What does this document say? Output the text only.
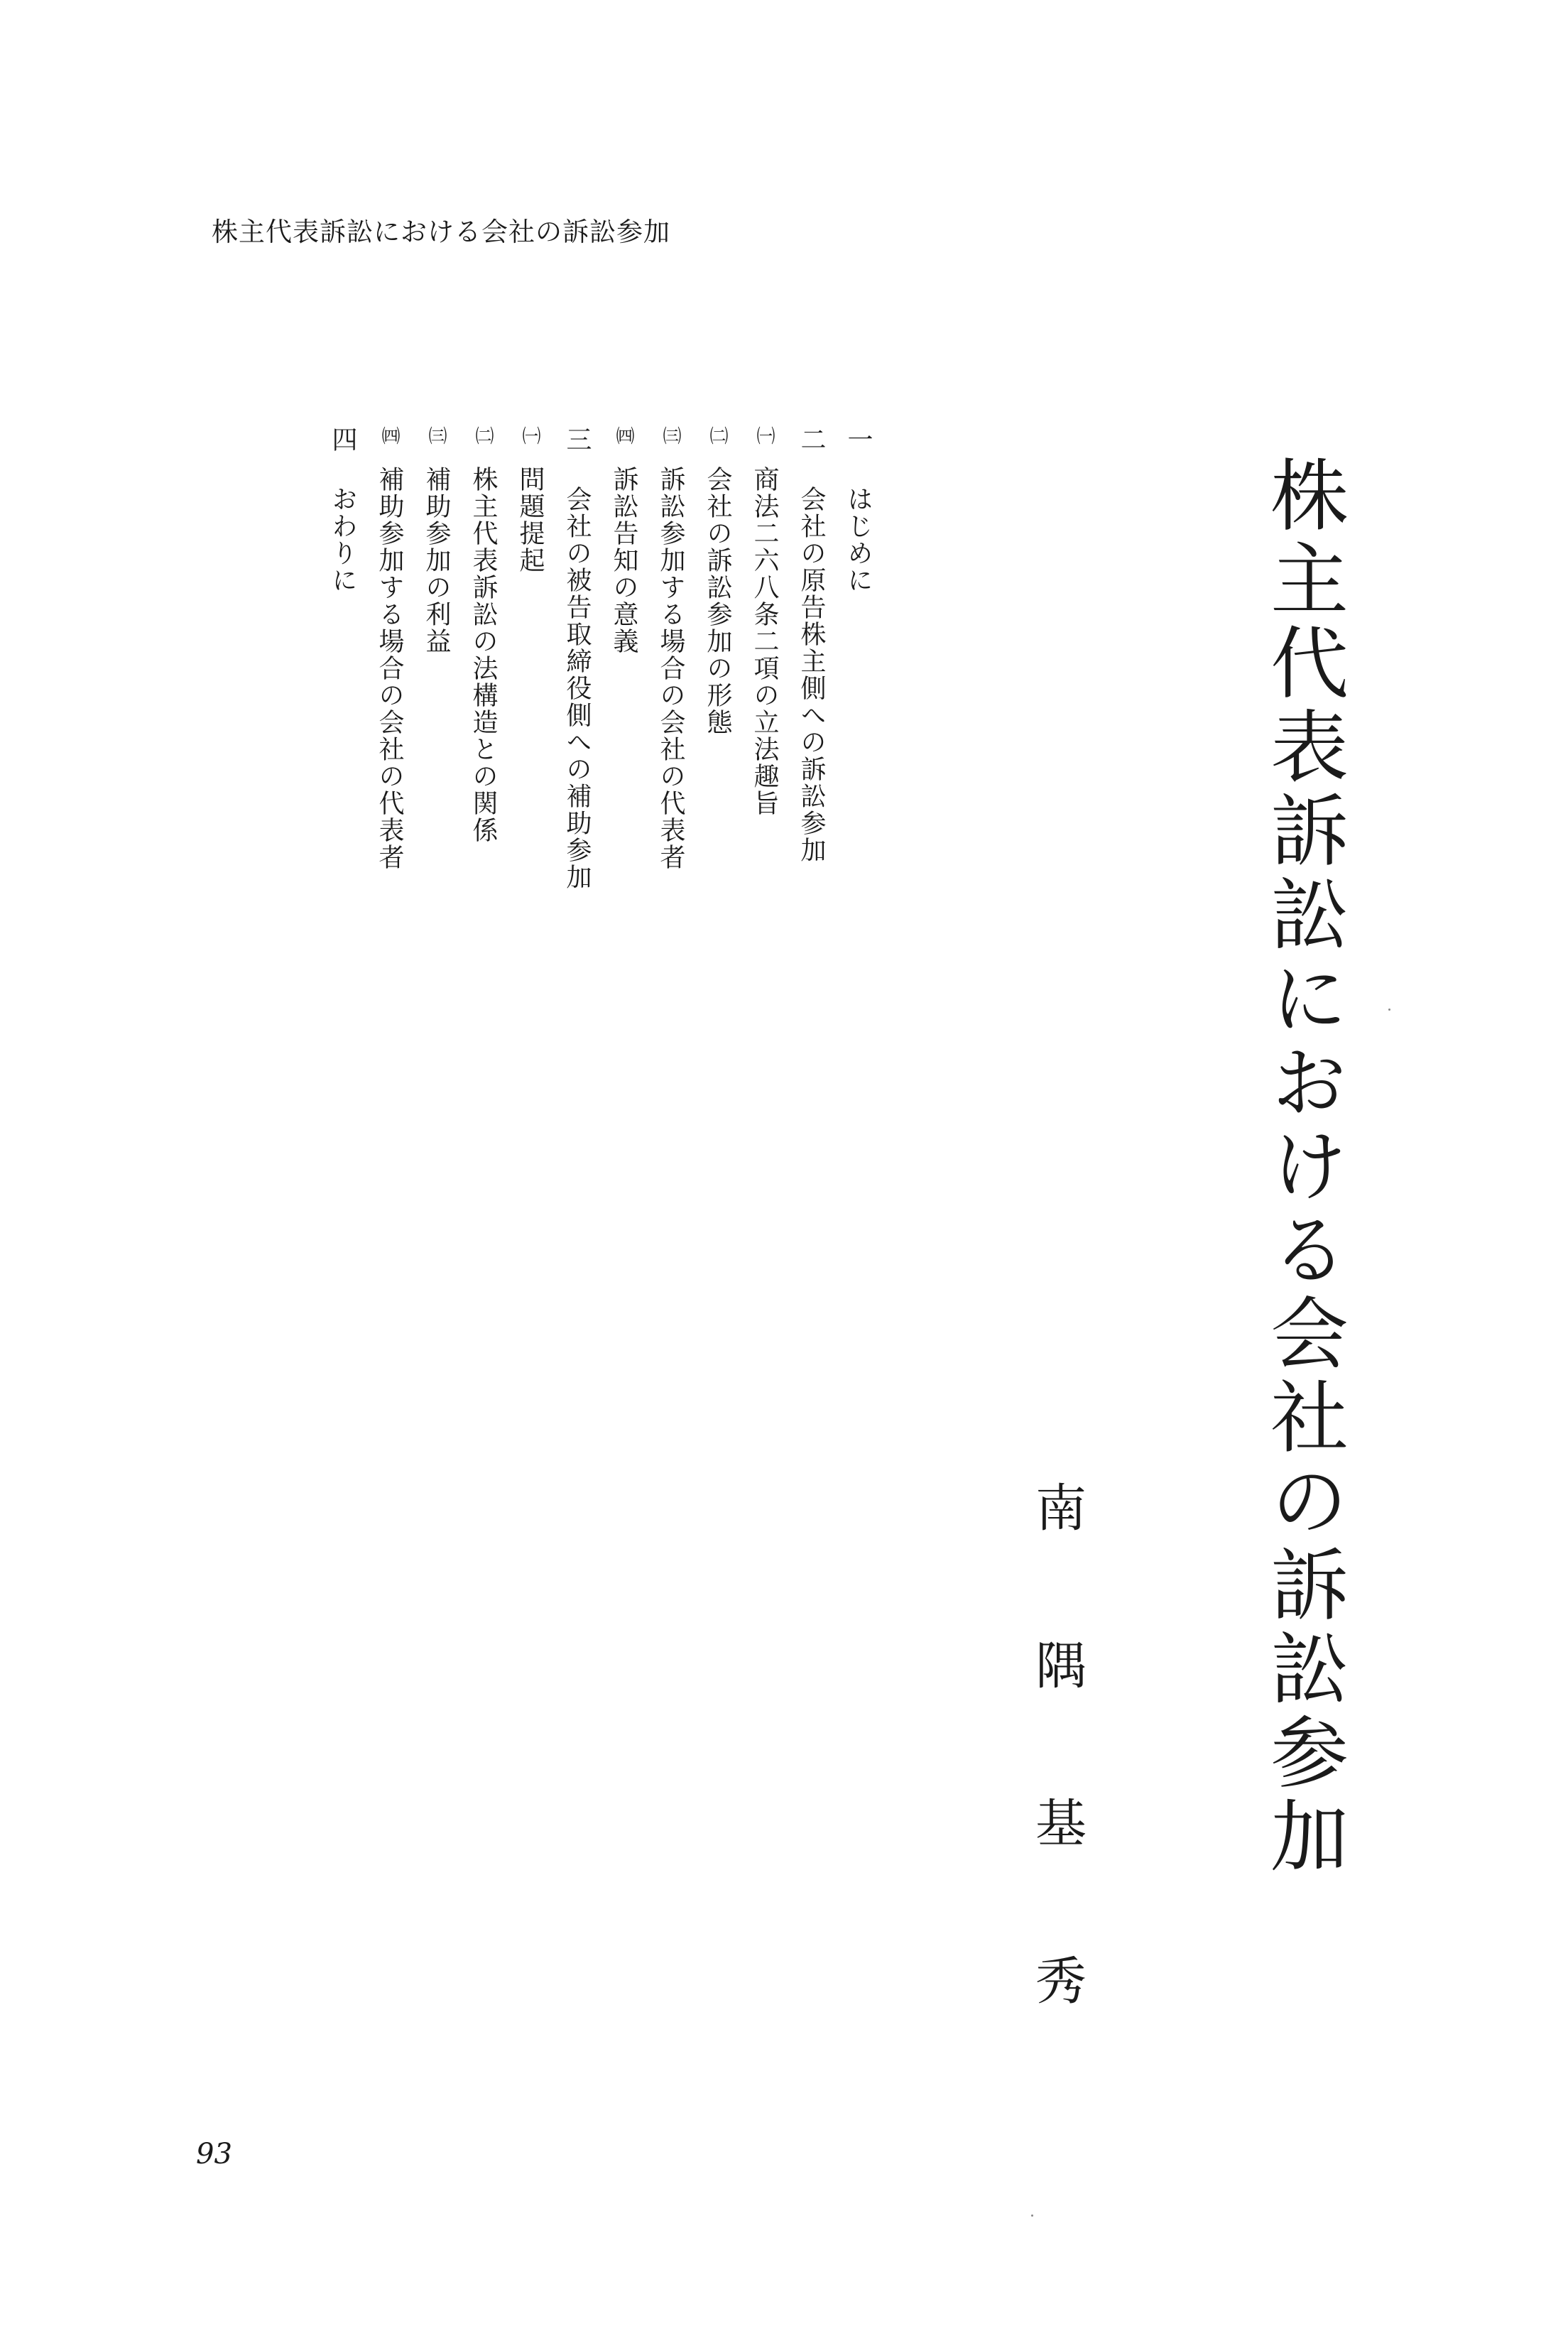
株主代表訴訟における会社の訴訟参加
株主代表訴訟における会社の訴訟参加
南隅基秀
一
はじめに
二
会社の原告株主側への訴訟参加
㈠
商法二六八条二項の立法趣旨
㈡
会社の訴訟参加の形態
㈢
訴訟参加する場合の会社の代表者
㈣
訴訟告知の意義
三
会社の被告取締役側への補助参加
㈠
問題提起
㈡
株主代表訴訟の法構造との関係
㈢
補助参加の利益
㈣
補助参加する場合の会社の代表者
四
おわりに
93
